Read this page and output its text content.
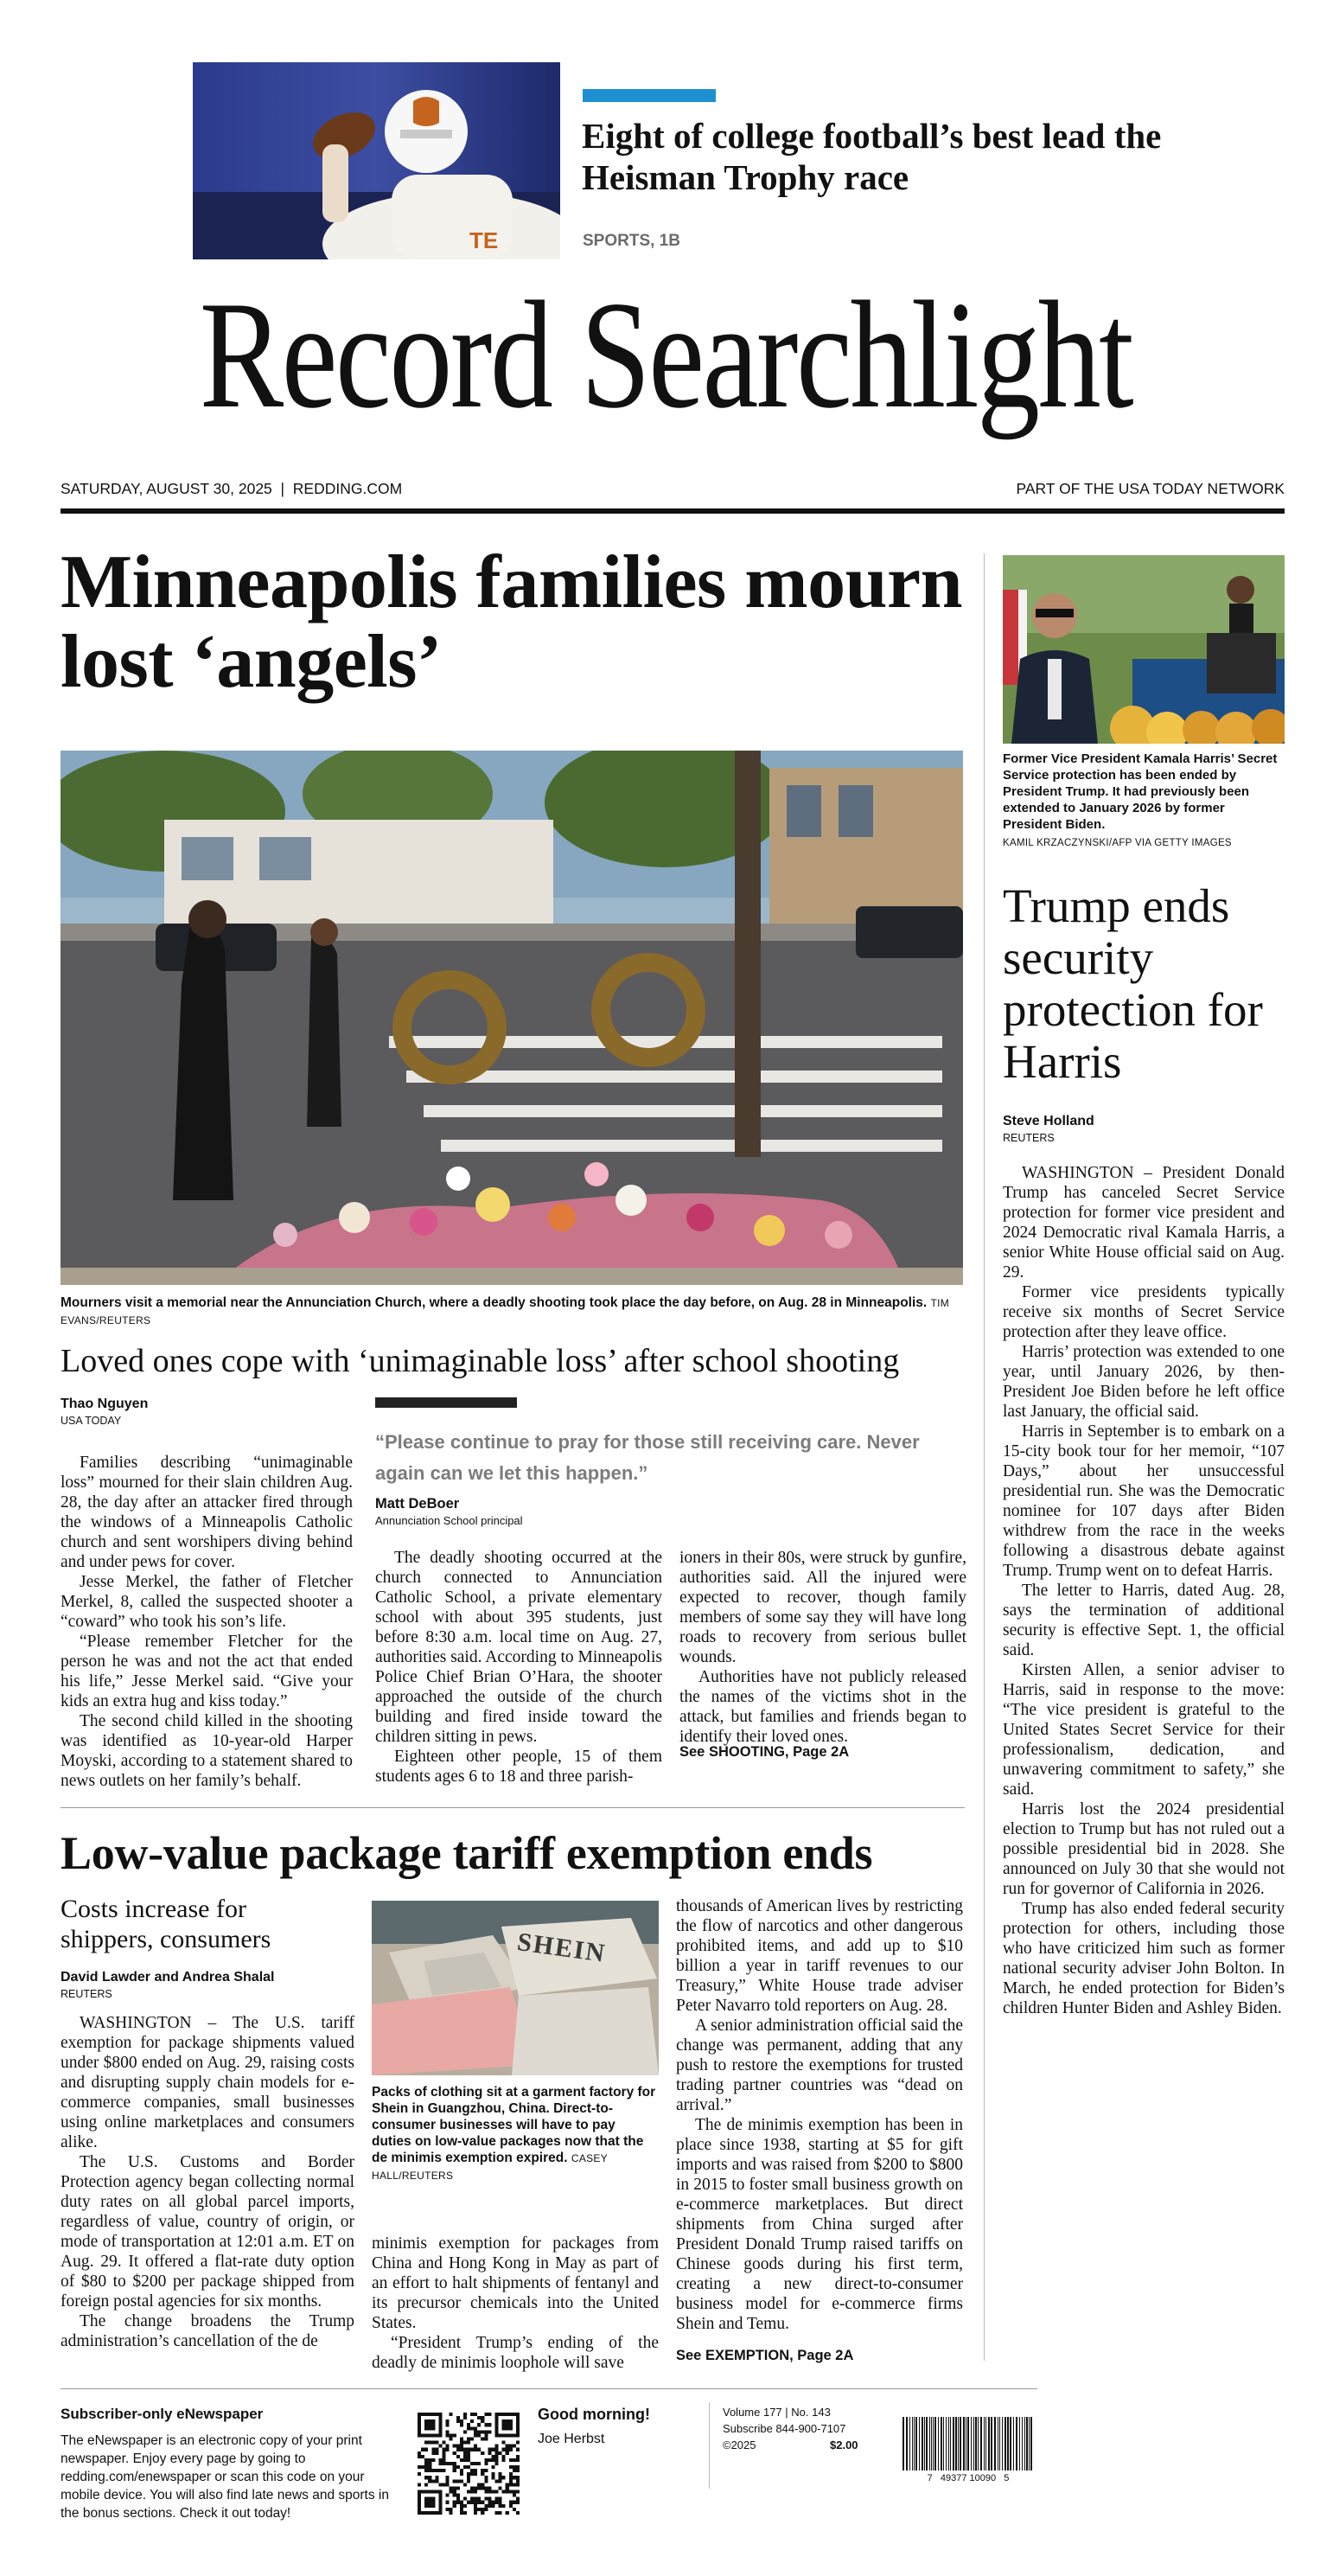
TE
Eight of college football’s best lead the Heisman Trophy race
SPORTS, 1B
Record Searchlight
SATURDAY, AUGUST 30, 2025  |  REDDING.COM	PART OF THE USA TODAY NETWORK
Minneapolis families mourn lost ‘angels’
Mourners visit a memorial near the Annunciation Church, where a deadly shooting took place the day before, on Aug. 28 in Minneapolis. TIM EVANS/REUTERS
Loved ones cope with ‘unimaginable loss’ after school shooting
Thao Nguyen
USA TODAY
“Please continue to pray for those still receiving care. Never again can we let this happen.”
Matt DeBoer
Annunciation School principal

Families describing “unimaginable loss” mourned for their slain children Aug. 28, the day after an attacker fired through the windows of a Minneapolis Catholic church and sent worshipers diving behind and under pews for cover.

Jesse Merkel, the father of Fletcher Merkel, 8, called the suspected shooter a “coward” who took his son’s life.

“Please remember Fletcher for the person he was and not the act that ended his life,” Jesse Merkel said. “Give your kids an extra hug and kiss today.”

The second child killed in the shooting was identified as 10-year-old Harper Moyski, according to a statement shared to news outlets on her family’s behalf.

The deadly shooting occurred at the church connected to Annunciation Catholic School, a private elementary school with about 395 students, just before 8:30 a.m. local time on Aug. 27, authorities said. According to Minneapolis Police Chief Brian O’Hara, the shooter approached the outside of the church building and fired inside toward the children sitting in pews.

Eighteen other people, 15 of them students ages 6 to 18 and three parish-

ioners in their 80s, were struck by gunfire, authorities said. All the injured were expected to recover, though family members of some say they will have long roads to recovery from serious bullet wounds.

Authorities have not publicly released the names of the victims shot in the attack, but families and friends began to identify their loved ones.

See SHOOTING, Page 2A
Low-value package tariff exemption ends
Costs increase for shippers, consumers
David Lawder and Andrea Shalal
REUTERS

WASHINGTON – The U.S. tariff exemption for package shipments valued under $800 ended on Aug. 29, raising costs and disrupting supply chain models for e-commerce companies, small businesses using online marketplaces and consumers alike.

The U.S. Customs and Border Protection agency began collecting normal duty rates on all global parcel imports, regardless of value, country of origin, or mode of transportation at 12:01 a.m. ET on Aug. 29. It offered a flat-rate duty option of $80 to $200 per package shipped from foreign postal agencies for six months.

The change broadens the Trump administration’s cancellation of the de

SHEIN
Packs of clothing sit at a garment factory for Shein in Guangzhou, China. Direct-to-consumer businesses will have to pay duties on low-value packages now that the de minimis exemption expired. CASEY HALL/REUTERS

minimis exemption for packages from China and Hong Kong in May as part of an effort to halt shipments of fentanyl and its precursor chemicals into the United States.

“President Trump’s ending of the deadly de minimis loophole will save

thousands of American lives by restricting the flow of narcotics and other dangerous prohibited items, and add up to $10 billion a year in tariff revenues to our Treasury,” White House trade adviser Peter Navarro told reporters on Aug. 28.

A senior administration official said the change was permanent, adding that any push to restore the exemptions for trusted trading partner countries was “dead on arrival.”

The de minimis exemption has been in place since 1938, starting at $5 for gift imports and was raised from $200 to $800 in 2015 to foster small business growth on e-commerce marketplaces. But direct shipments from China surged after President Donald Trump raised tariffs on Chinese goods during his first term, creating a new direct-to-consumer business model for e-commerce firms Shein and Temu.

See EXEMPTION, Page 2A
Former Vice President Kamala Harris’ Secret Service protection has been ended by President Trump. It had previously been extended to January 2026 by former President Biden.
KAMIL KRZACZYNSKI/AFP VIA GETTY IMAGES
Trump ends security protection for Harris
Steve Holland
REUTERS

WASHINGTON – President Donald Trump has canceled Secret Service protection for former vice president and 2024 Democratic rival Kamala Harris, a senior White House official said on Aug. 29.

Former vice presidents typically receive six months of Secret Service protection after they leave office.

Harris’ protection was extended to one year, until January 2026, by then-President Joe Biden before he left office last January, the official said.

Harris in September is to embark on a 15-city book tour for her memoir, “107 Days,” about her unsuccessful presidential run. She was the Democratic nominee for 107 days after Biden withdrew from the race in the weeks following a disastrous debate against Trump. Trump went on to defeat Harris.

The letter to Harris, dated Aug. 28, says the termination of additional security is effective Sept. 1, the official said.

Kirsten Allen, a senior adviser to Harris, said in response to the move: “The vice president is grateful to the United States Secret Service for their professionalism, dedication, and unwavering commitment to safety,” she said.

Harris lost the 2024 presidential election to Trump but has not ruled out a possible presidential bid in 2028. She announced on July 30 that she would not run for governor of California in 2026.

Trump has also ended federal security protection for others, including those who have criticized him such as former national security adviser John Bolton. In March, he ended protection for Biden’s children Hunter Biden and Ashley Biden.

Subscriber-only eNewspaper
The eNewspaper is an electronic copy of your print newspaper. Enjoy every page by going to redding.com/enewspaper or scan this code on your mobile device. You will also find late news and sports in the bonus sections. Check it out today!
Good morning!
Joe Herbst
Volume 177 | No. 143
Subscribe 844-900-7107
©2025	$2.00
7   49377 10090   5
